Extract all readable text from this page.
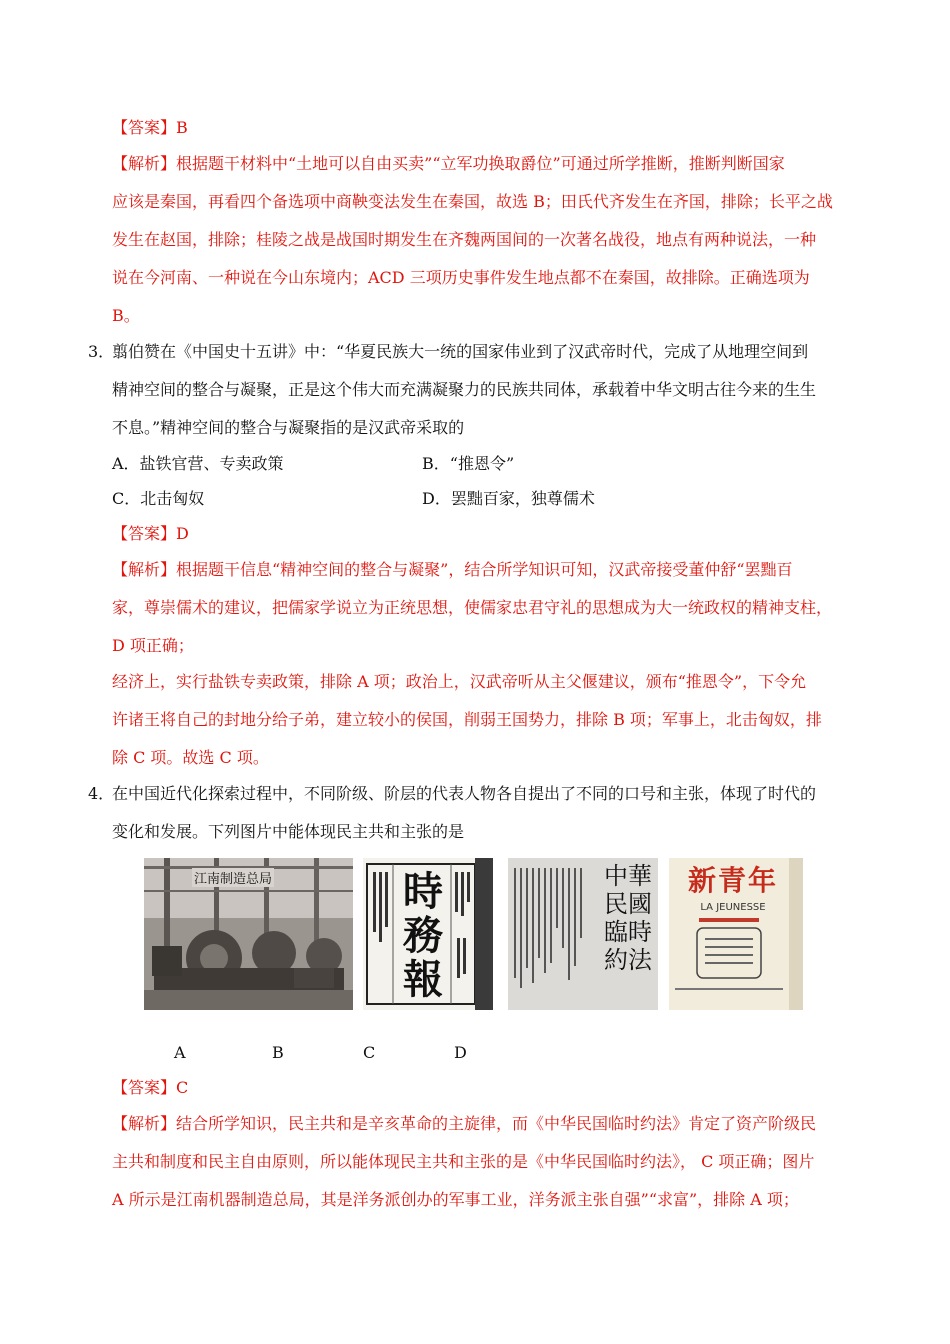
【答案】B
【解析】根据题干材料中“土地可以自由买卖”“立军功换取爵位”可通过所学推断，推断判断国家
应该是秦国，再看四个备选项中商鞅变法发生在秦国，故选 B；田氏代齐发生在齐国，排除；长平之战
发生在赵国，排除；桂陵之战是战国时期发生在齐魏两国间的一次著名战役，地点有两种说法，一种
说在今河南、一种说在今山东境内；ACD 三项历史事件发生地点都不在秦国，故排除。正确选项为
B。
3．
翦伯赞在《中国史十五讲》中：“华夏民族大一统的国家伟业到了汉武帝时代，完成了从地理空间到
精神空间的整合与凝聚，正是这个伟大而充满凝聚力的民族共同体，承载着中华文明古往今来的生生
不息。”精神空间的整合与凝聚指的是汉武帝采取的
A．盐铁官营、专卖政策	B．“推恩令”
C．北击匈奴	D．罢黜百家，独尊儒术
【答案】D
【解析】根据题干信息“精神空间的整合与凝聚”，结合所学知识可知，汉武帝接受董仲舒“罢黜百
家，尊崇儒术的建议，把儒家学说立为正统思想，使儒家忠君守礼的思想成为大一统政权的精神支柱，
D 项正确；
经济上，实行盐铁专卖政策，排除 A 项；政治上，汉武帝听从主父偃建议，颁布“推恩令”，下令允
许诸王将自己的封地分给子弟，建立较小的侯国，削弱王国势力，排除 B 项；军事上，北击匈奴，排
除 C 项。故选 C 项。
4．
在中国近代化探索过程中，不同阶级、阶层的代表人物各自提出了不同的口号和主张，体现了时代的
变化和发展。下列图片中能体现民主共和主张的是
江南制造总局	時務報
中華民國臨時約法
新青年
LA JEUNESSE
A	B	C	D
【答案】C
【解析】结合所学知识，民主共和是辛亥革命的主旋律，而《中华民国临时约法》肯定了资产阶级民
主共和制度和民主自由原则，所以能体现民主共和主张的是《中华民国临时约法》， C 项正确；图片
A 所示是江南机器制造总局，其是洋务派创办的军事工业，洋务派主张自强”“求富”，排除 A 项；
